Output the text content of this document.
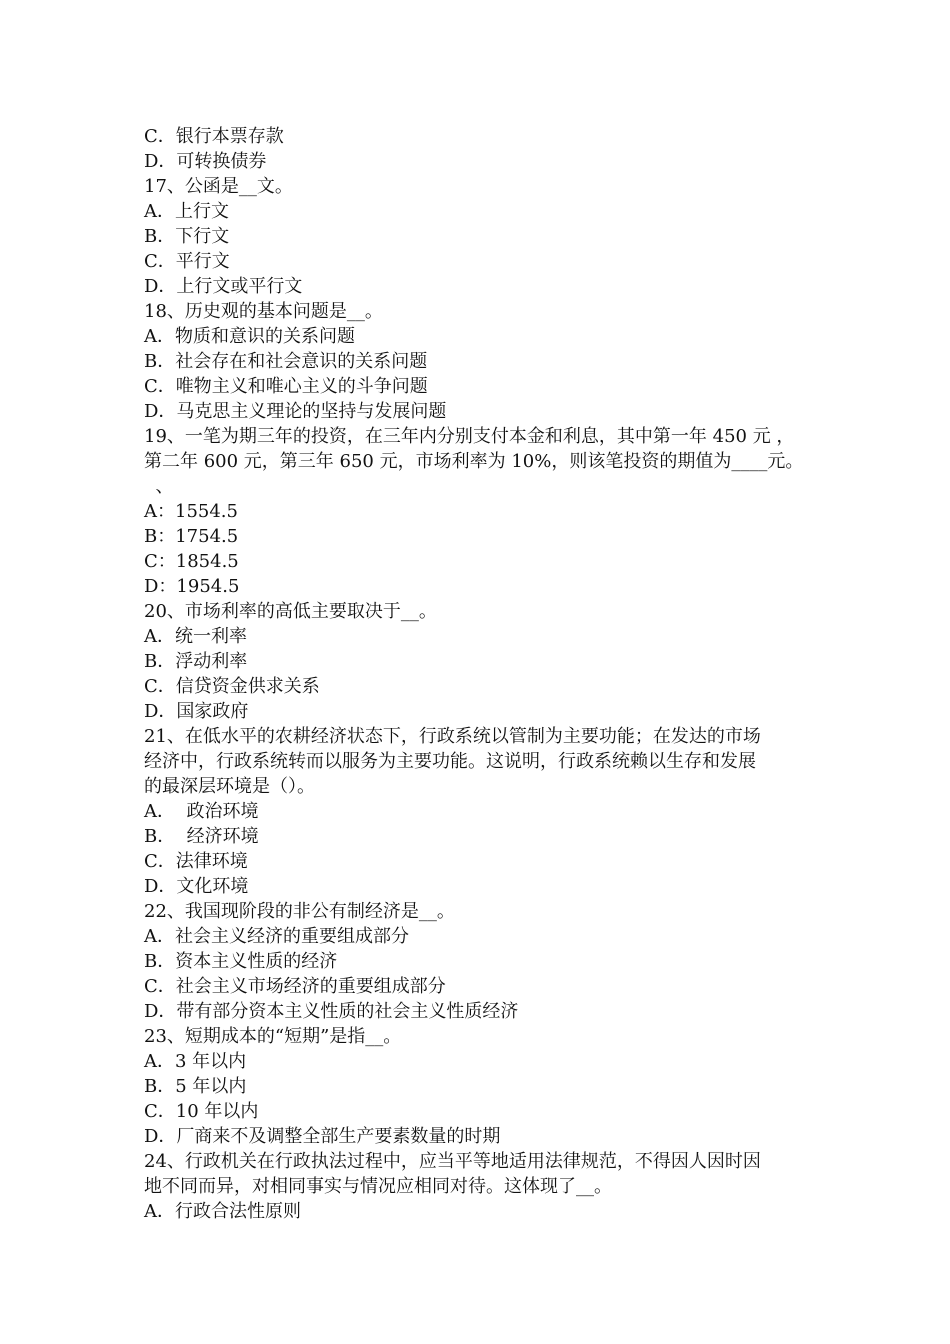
C．银行本票存款

D．可转换债券

17、公函是__文。

A．上行文

B．下行文

C．平行文

D．上行文或平行文

18、历史观的基本问题是__。

A．物质和意识的关系问题

B．社会存在和社会意识的关系问题

C．唯物主义和唯心主义的斗争问题

D．马克思主义理论的坚持与发展问题

19、一笔为期三年的投资，在三年内分别支付本金和利息，其中第一年 450 元 ，

第二年 600 元，第三年 650 元，市场利率为 10%，则该笔投资的期值为____元。

、

A：1554.5

B：1754.5

C：1854.5

D：1954.5

20、市场利率的高低主要取决于__。

A．统一利率

B．浮动利率

C．信贷资金供求关系

D．国家政府

21、在低水平的农耕经济状态下，行政系统以管制为主要功能；在发达的市场

经济中，行政系统转而以服务为主要功能。这说明，行政系统赖以生存和发展

的最深层环境是（）。

A．  政治环境

B．  经济环境

C．法律环境

D．文化环境

22、我国现阶段的非公有制经济是__。

A．社会主义经济的重要组成部分

B．资本主义性质的经济

C．社会主义市场经济的重要组成部分

D．带有部分资本主义性质的社会主义性质经济

23、短期成本的“短期”是指__。

A．3 年以内

B．5 年以内

C．10 年以内

D．厂商来不及调整全部生产要素数量的时期

24、行政机关在行政执法过程中，应当平等地适用法律规范，不得因人因时因

地不同而异，对相同事实与情况应相同对待。这体现了__。

A．行政合法性原则
